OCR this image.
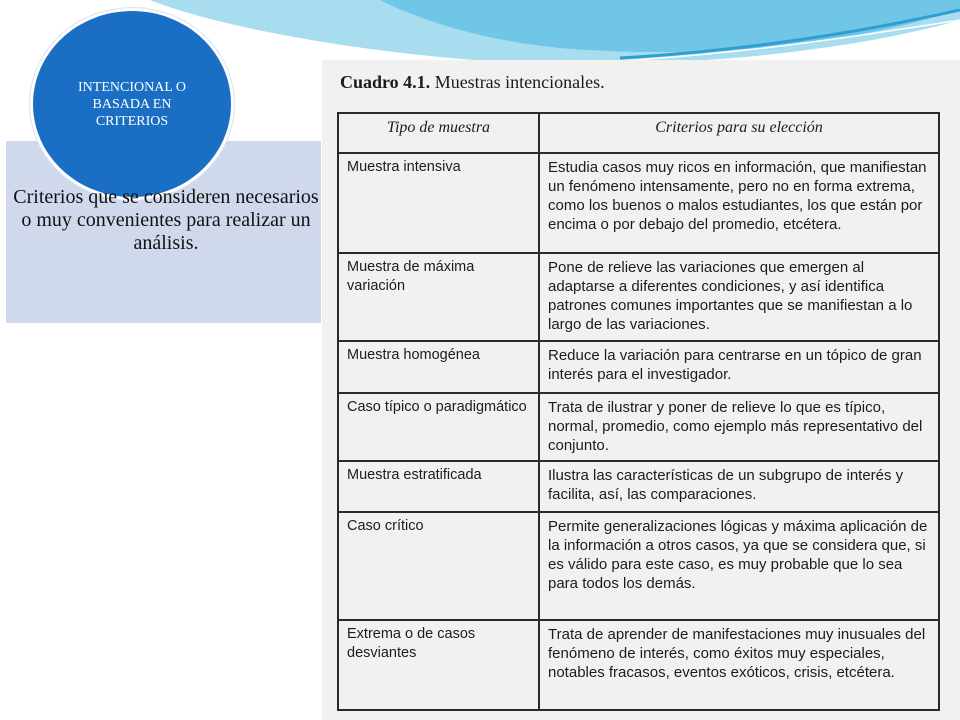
INTENCIONAL O BASADA EN CRITERIOS
Criterios que se consideren necesarios o muy convenientes para realizar un análisis.
Cuadro 4.1. Muestras intencionales.
Tipo de muestra	Criterios para su elección
Muestra intensiva	Estudia casos muy ricos en información, que manifiestan un fenómeno intensamente, pero no en forma extrema, como los buenos o malos estudiantes, los que están por encima o por debajo del promedio, etcétera.
Muestra de máxima variación	Pone de relieve las variaciones que emergen al adaptarse a diferentes condiciones, y así identifica patrones comunes importantes que se manifiestan a lo largo de las variaciones.
Muestra homogénea	Reduce la variación para centrarse en un tópico de gran interés para el investigador.
Caso típico o paradigmático	Trata de ilustrar y poner de relieve lo que es típico, normal, promedio, como ejemplo más representativo del conjunto.
Muestra estratificada	Ilustra las características de un subgrupo de interés y facilita, así, las comparaciones.
Caso crítico	Permite generalizaciones lógicas y máxima aplicación de la información a otros casos, ya que se considera que, si es válido para este caso, es muy probable que lo sea para todos los demás.
Extrema o de casos desviantes	Trata de aprender de manifestaciones muy inusuales del fenómeno de interés, como éxitos muy especiales, notables fracasos, eventos exóticos, crisis, etcétera.
